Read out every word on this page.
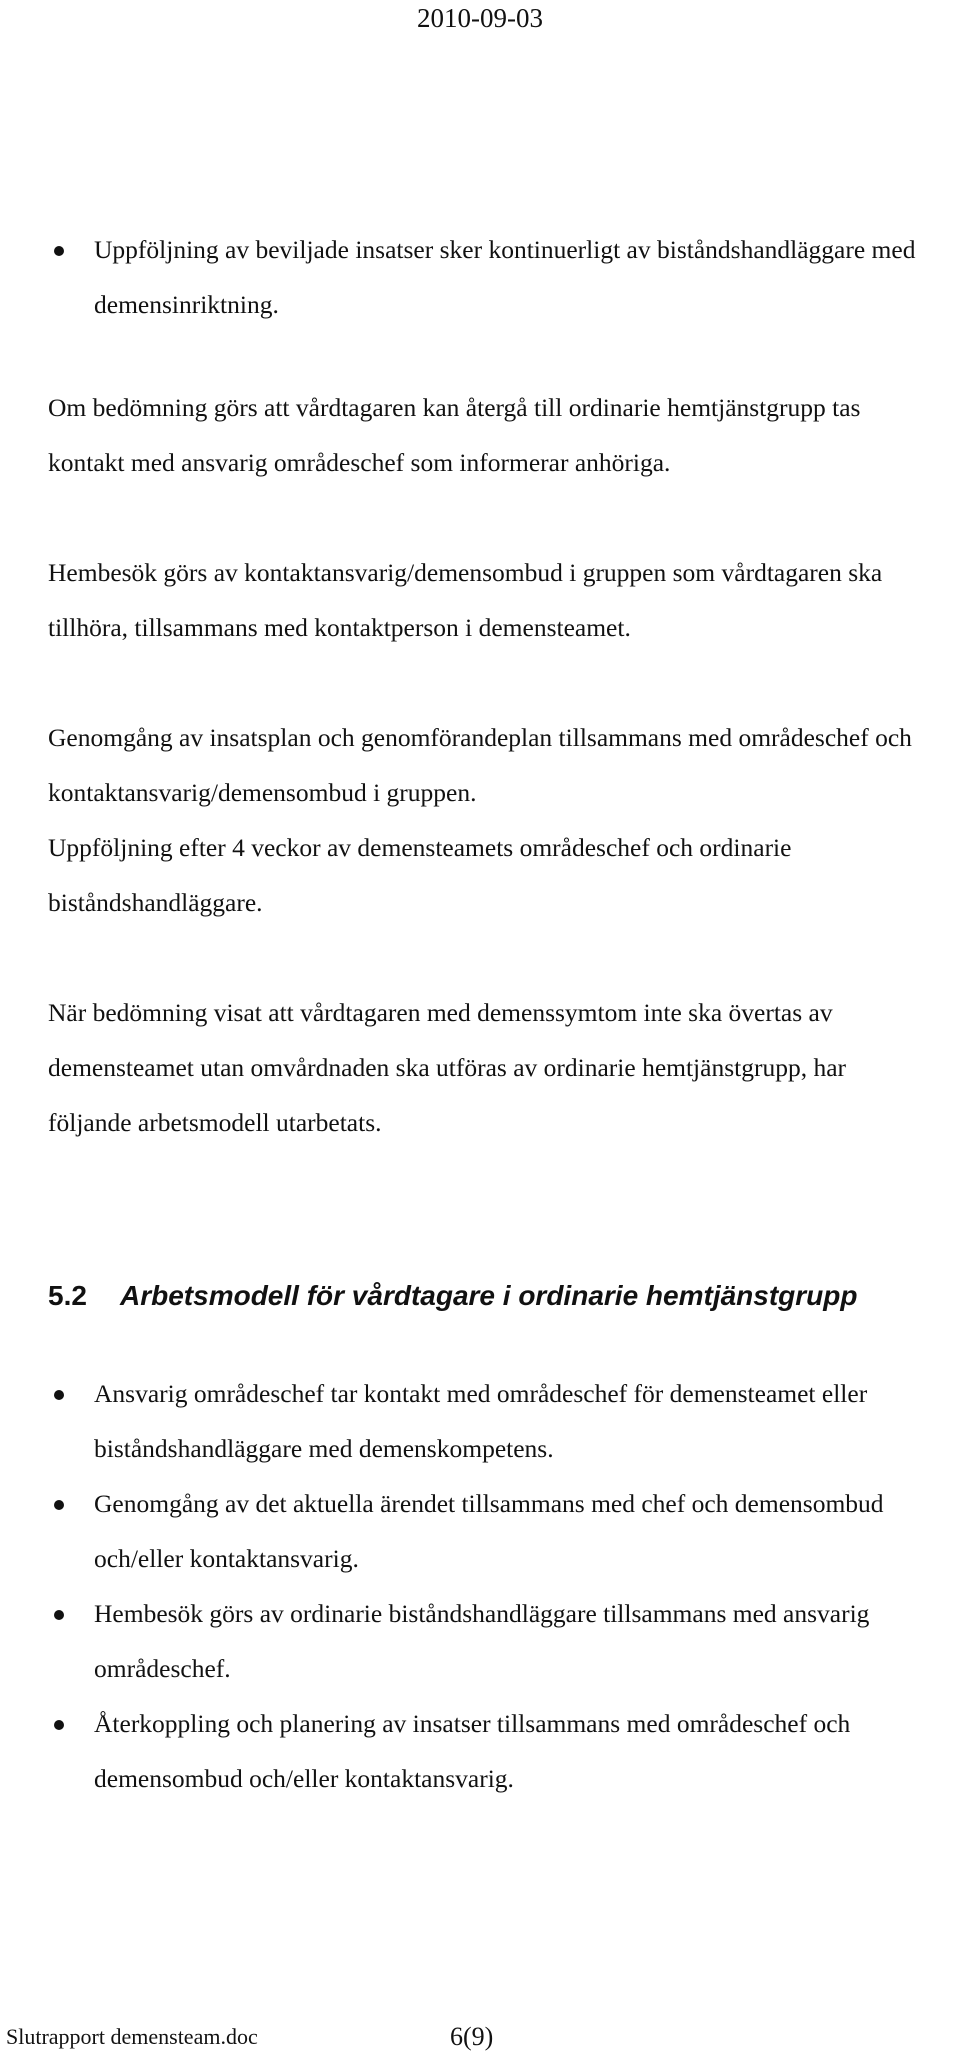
2010-09-03
Uppföljning av beviljade insatser sker kontinuerligt av biståndshandläggare med demensinriktning.

Om bedömning görs att vårdtagaren kan återgå till ordinarie hemtjänstgrupp tas kontakt med ansvarig områdeschef som informerar anhöriga.

Hembesök görs av kontaktansvarig/demensombud i gruppen som vårdtagaren ska tillhöra, tillsammans med kontaktperson i demensteamet.

Genomgång av insatsplan och genomförandeplan tillsammans med områdeschef och kontaktansvarig/demensombud i gruppen.

Uppföljning efter 4 veckor av demensteamets områdeschef och ordinarie biståndshandläggare.

När bedömning visat att vårdtagaren med demenssymtom inte ska övertas av demensteamet utan omvårdnaden ska utföras av ordinarie hemtjänstgrupp, har följande arbetsmodell utarbetats.

5.2 Arbetsmodell för vårdtagare i ordinarie hemtjänstgrupp
Ansvarig områdeschef tar kontakt med områdeschef för demensteamet eller biståndshandläggare med demenskompetens.
Genomgång av det aktuella ärendet tillsammans med chef och demensombud och/eller kontaktansvarig.
Hembesök görs av ordinarie biståndshandläggare tillsammans med ansvarig områdeschef.
Återkoppling och planering av insatser tillsammans med områdeschef och demensombud och/eller kontaktansvarig.
Slutrapport demensteam.doc	6(9)
